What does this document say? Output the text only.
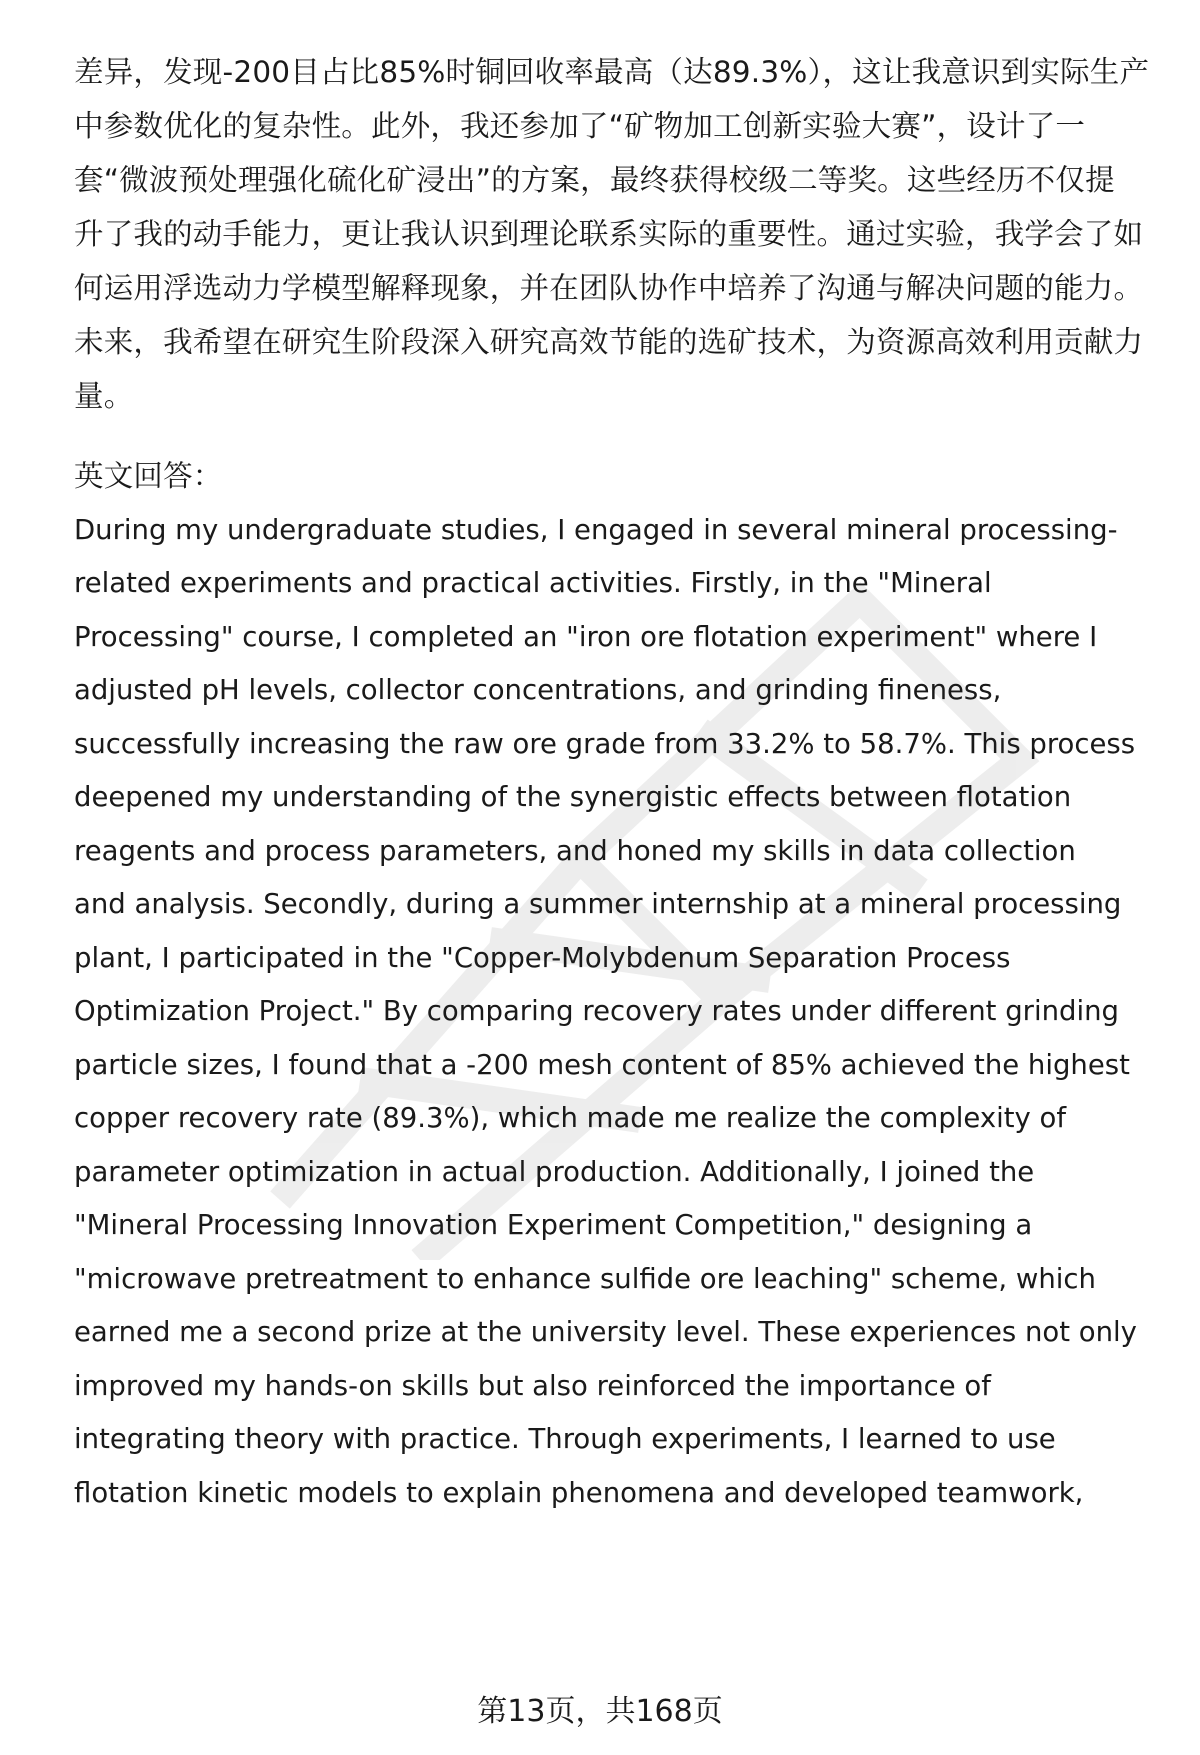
差异，发现-200目占比85%时铜回收率最高（达89.3%），这让我意识到实际生产
中参数优化的复杂性。此外，我还参加了“矿物加工创新实验大赛”，设计了一
套“微波预处理强化硫化矿浸出”的方案，最终获得校级二等奖。这些经历不仅提
升了我的动手能力，更让我认识到理论联系实际的重要性。通过实验，我学会了如
何运用浮选动力学模型解释现象，并在团队协作中培养了沟通与解决问题的能力。
未来，我希望在研究生阶段深入研究高效节能的选矿技术，为资源高效利用贡献力
量。
英文回答：
During my undergraduate studies, I engaged in several mineral processing-
related experiments and practical activities. Firstly, in the "Mineral
Processing" course, I completed an "iron ore flotation experiment" where I
adjusted pH levels, collector concentrations, and grinding fineness,
successfully increasing the raw ore grade from 33.2% to 58.7%. This process
deepened my understanding of the synergistic effects between flotation
reagents and process parameters, and honed my skills in data collection
and analysis. Secondly, during a summer internship at a mineral processing
plant, I participated in the "Copper-Molybdenum Separation Process
Optimization Project." By comparing recovery rates under different grinding
particle sizes, I found that a -200 mesh content of 85% achieved the highest
copper recovery rate (89.3%), which made me realize the complexity of
parameter optimization in actual production. Additionally, I joined the
"Mineral Processing Innovation Experiment Competition," designing a
"microwave pretreatment to enhance sulfide ore leaching" scheme, which
earned me a second prize at the university level. These experiences not only
improved my hands-on skills but also reinforced the importance of
integrating theory with practice. Through experiments, I learned to use
flotation kinetic models to explain phenomena and developed teamwork,
第13页，共168页
